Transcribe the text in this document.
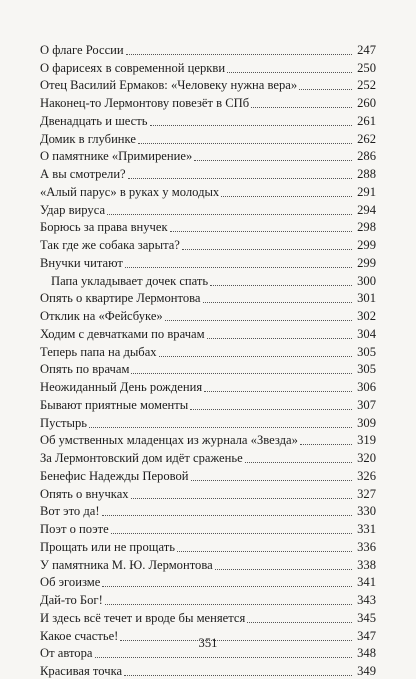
О флаге России	247
О фарисеях в современной церкви	250
Отец Василий Ермаков: «Человеку нужна вера»	252
Наконец-то Лермонтову повезёт в СПб	260
Двенадцать и шесть	261
Домик в глубинке	262
О памятнике «Примирение»	286
А вы смотрели?	288
«Алый парус» в руках у молодых	291
Удар вируса	294
Борюсь за права внучек	298
Так где же собака зарыта?	299
Внучки читают	299
Папа укладывает дочек спать	300
Опять о квартире Лермонтова	301
Отклик на «Фейсбуке»	302
Ходим с девчатками по врачам	304
Теперь папа на дыбах	305
Опять по врачам	305
Неожиданный День рождения	306
Бывают приятные моменты	307
Пустырь	309
Об умственных младенцах из журнала «Звезда»	319
За Лермонтовский дом идёт сраженье	320
Бенефис Надежды Перовой	326
Опять о внучках	327
Вот это да!	330
Поэт о поэте	331
Прощать или не прощать	336
У памятника М. Ю. Лермонтова	338
Об эгоизме	341
Дай-то Бог!	343
И здесь всё течет и вроде бы меняется	345
Какое счастье!	347
От автора	348
Красивая точка	349
351
